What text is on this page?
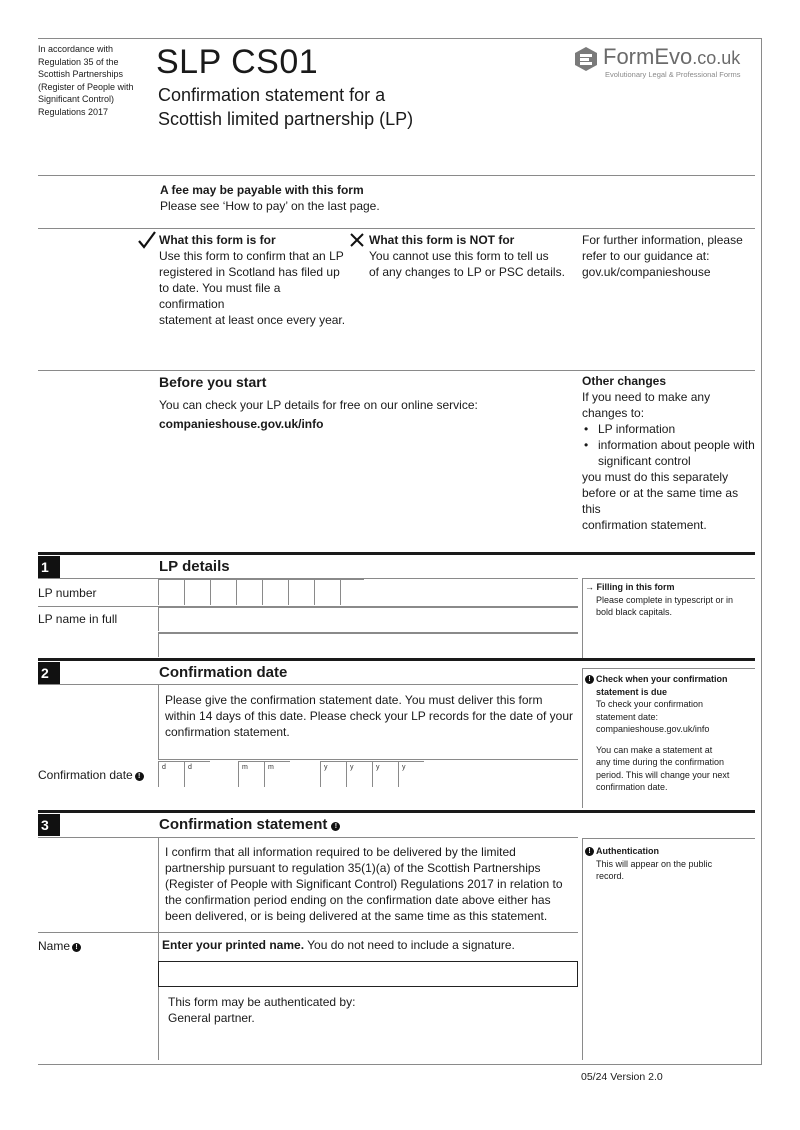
In accordance with
Regulation 35 of the
Scottish Partnerships
(Register of People with
Significant Control)
Regulations 2017
SLP CS01
Confirmation statement for a
Scottish limited partnership (LP)
FormEvo.co.uk
Evolutionary Legal & Professional Forms
A fee may be payable with this form
Please see ‘How to pay’ on the last page.
What this form is for
Use this form to confirm that an LP
registered in Scotland has filed up
to date. You must file a confirmation
statement at least once every year.
What this form is NOT for
You cannot use this form to tell us
of any changes to LP or PSC details.
For further information, please
refer to our guidance at:
gov.uk/companieshouse
Before you start
You can check your LP details for free on our online service:
companieshouse.gov.uk/info
Other changes
If you need to make any
changes to:
• LP information
• information about people with significant control
you must do this separately
before or at the same time as this
confirmation statement.
1	LP details
LP number
LP name in full
→ Filling in this form
Please complete in typescript or in
bold black capitals.
2	Confirmation date
Please give the confirmation statement date. You must deliver this form
within 14 days of this date. Please check your LP records for the date of your
confirmation statement.
Confirmation date !
d	d	m	m	y	y	y	y
! Check when your confirmation
statement is due
To check your confirmation
statement date:
companieshouse.gov.uk/info
You can make a statement at
any time during the confirmation
period. This will change your next
confirmation date.
3	Confirmation statement !
I confirm that all information required to be delivered by the limited
partnership pursuant to regulation 35(1)(a) of the Scottish Partnerships
(Register of People with Significant Control) Regulations 2017 in relation to
the confirmation period ending on the confirmation date above either has
been delivered, or is being delivered at the same time as this statement.
Name !	Enter your printed name. You do not need to include a signature.
This form may be authenticated by:
General partner.
! Authentication
This will appear on the public
record.
05/24 Version 2.0
